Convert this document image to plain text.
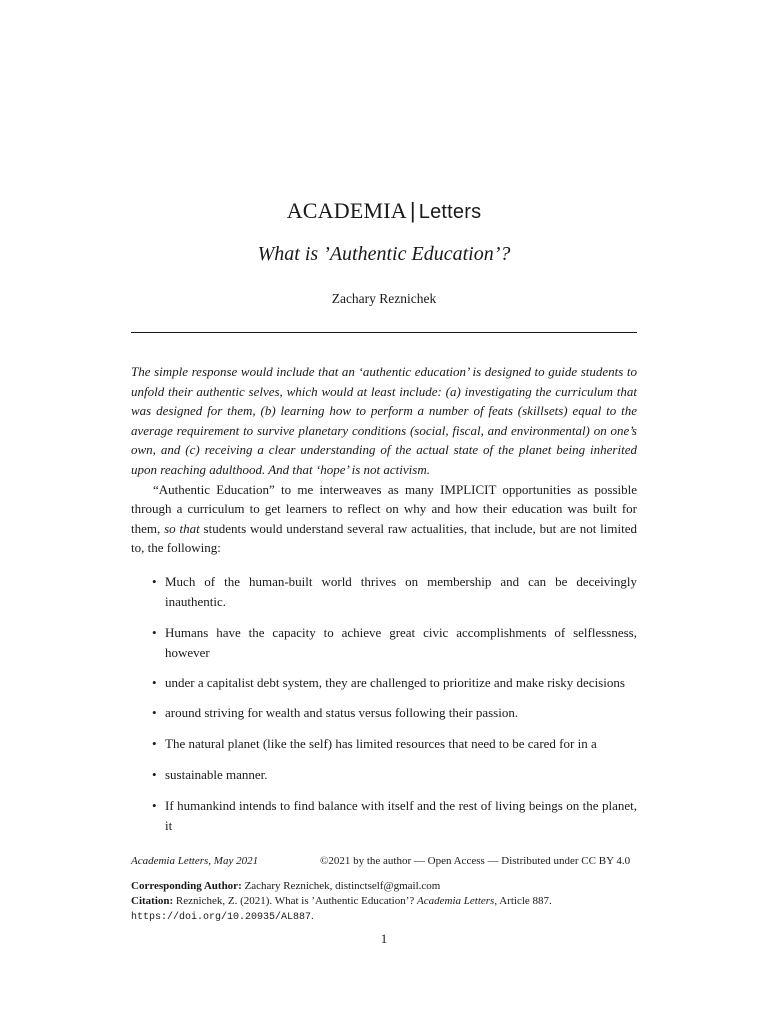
ACADEMIA | Letters
What is ’Authentic Education’?
Zachary Reznichek

The simple response would include that an ‘authentic education’ is designed to guide students to unfold their authentic selves, which would at least include: (a) investigating the curriculum that was designed for them, (b) learning how to perform a number of feats (skillsets) equal to the average requirement to survive planetary conditions (social, fiscal, and environmental) on one’s own, and (c) receiving a clear understanding of the actual state of the planet being inherited upon reaching adulthood. And that ‘hope’ is not activism.

“Authentic Education” to me interweaves as many IMPLICIT opportunities as possible through a curriculum to get learners to reflect on why and how their education was built for them, so that students would understand several raw actualities, that include, but are not limited to, the following:

• Much of the human-built world thrives on membership and can be deceivingly inauthentic.
• Humans have the capacity to achieve great civic accomplishments of selflessness, however
• under a capitalist debt system, they are challenged to prioritize and make risky decisions
• around striving for wealth and status versus following their passion.
• The natural planet (like the self) has limited resources that need to be cared for in a
• sustainable manner.
• If humankind intends to find balance with itself and the rest of living beings on the planet, it
Academia Letters, May 2021	©2021 by the author — Open Access — Distributed under CC BY 4.0
Corresponding Author: Zachary Reznichek, distinctself@gmail.com
Citation: Reznichek, Z. (2021). What is ’Authentic Education’? Academia Letters, Article 887.
https://doi.org/10.20935/AL887.
1
